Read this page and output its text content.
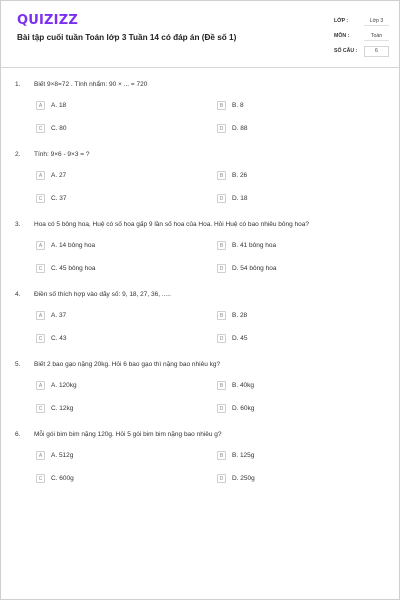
QUIZIZZ
Bài tập cuối tuần Toán lớp 3 Tuần 14 có đáp án (Đề số 1)
LỚP :	Lớp 3
MÔN :	Toán
SỐ CÂU :	6
1. Biết 9×8=72 . Tính nhẩm: 90 × ... = 720
A	A. 18	B	B. 8
C	C. 80	D	D. 88
2. Tính: 9×6 - 9×3 = ?
A	A. 27	B	B. 26
C	C. 37	D	D. 18
3. Hoa có 5 bông hoa, Huệ có số hoa gấp 9 lần số hoa của Hoa. Hỏi Huệ có bao nhiêu bông hoa?
A	A. 14 bông hoa	B	B. 41 bông hoa
C	C. 45 bông hoa	D	D. 54 bông hoa
4. Điền số thích hợp vào dãy số: 9, 18, 27, 36, .....
A	A. 37	B	B. 28
C	C. 43	D	D. 45
5. Biết 2 bao gạo nặng 20kg. Hỏi 6 bao gạo thì nặng bao nhiêu kg?
A	A. 120kg	B	B. 40kg
C	C. 12kg	D	D. 60kg
6. Mỗi gói bim bim nặng 120g. Hỏi 5 gói bim bim nặng bao nhiêu g?
A	A. 512g	B	B. 125g
C	C. 600g	D	D. 250g
